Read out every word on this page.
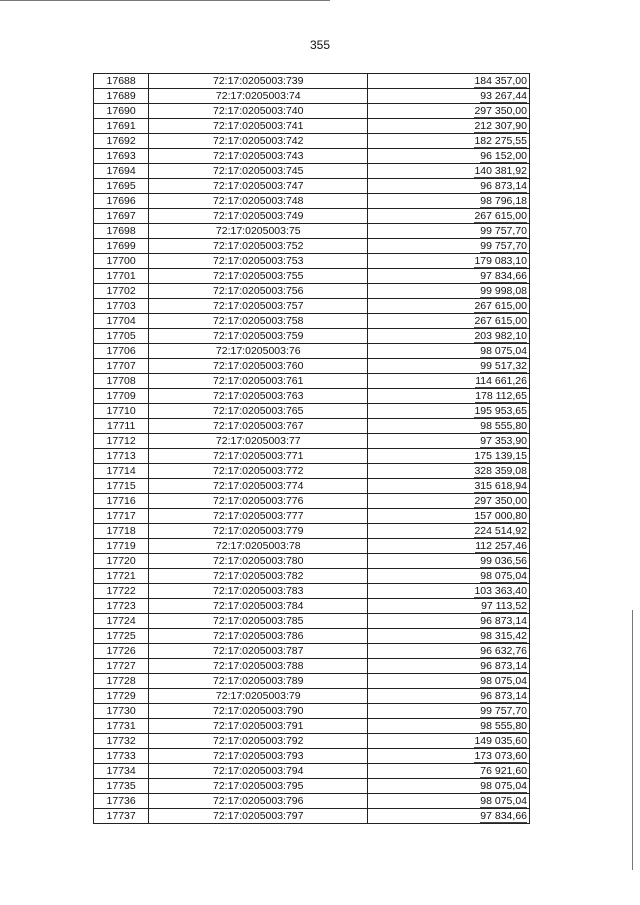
355
17688	72:17:0205003:739	184 357,00
17689	72:17:0205003:74	93 267,44
17690	72:17:0205003:740	297 350,00
17691	72:17:0205003:741	212 307,90
17692	72:17:0205003:742	182 275,55
17693	72:17:0205003:743	96 152,00
17694	72:17:0205003:745	140 381,92
17695	72:17:0205003:747	96 873,14
17696	72:17:0205003:748	98 796,18
17697	72:17:0205003:749	267 615,00
17698	72:17:0205003:75	99 757,70
17699	72:17:0205003:752	99 757,70
17700	72:17:0205003:753	179 083,10
17701	72:17:0205003:755	97 834,66
17702	72:17:0205003:756	99 998,08
17703	72:17:0205003:757	267 615,00
17704	72:17:0205003:758	267 615,00
17705	72:17:0205003:759	203 982,10
17706	72:17:0205003:76	98 075,04
17707	72:17:0205003:760	99 517,32
17708	72:17:0205003:761	114 661,26
17709	72:17:0205003:763	178 112,65
17710	72:17:0205003:765	195 953,65
17711	72:17:0205003:767	98 555,80
17712	72:17:0205003:77	97 353,90
17713	72:17:0205003:771	175 139,15
17714	72:17:0205003:772	328 359,08
17715	72:17:0205003:774	315 618,94
17716	72:17:0205003:776	297 350,00
17717	72:17:0205003:777	157 000,80
17718	72:17:0205003:779	224 514,92
17719	72:17:0205003:78	112 257,46
17720	72:17:0205003:780	99 036,56
17721	72:17:0205003:782	98 075,04
17722	72:17:0205003:783	103 363,40
17723	72:17:0205003:784	97 113,52
17724	72:17:0205003:785	96 873,14
17725	72:17:0205003:786	98 315,42
17726	72:17:0205003:787	96 632,76
17727	72:17:0205003:788	96 873,14
17728	72:17:0205003:789	98 075,04
17729	72:17:0205003:79	96 873,14
17730	72:17:0205003:790	99 757,70
17731	72:17:0205003:791	98 555,80
17732	72:17:0205003:792	149 035,60
17733	72:17:0205003:793	173 073,60
17734	72:17:0205003:794	76 921,60
17735	72:17:0205003:795	98 075,04
17736	72:17:0205003:796	98 075,04
17737	72:17:0205003:797	97 834,66
